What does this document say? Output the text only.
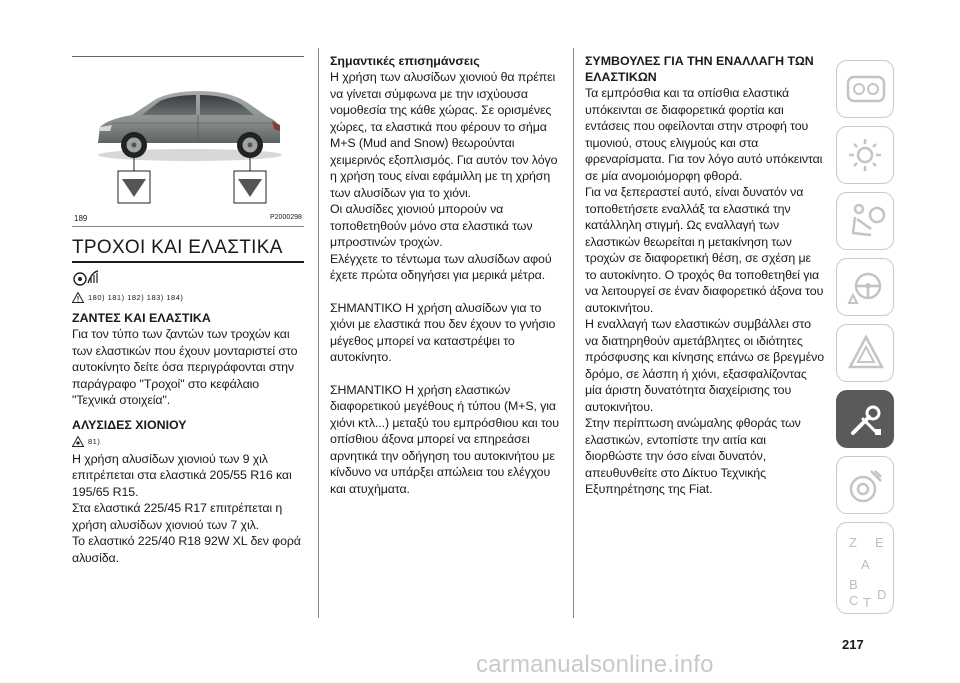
189	P2000298
ΤΡΟΧΟΙ ΚΑΙ ΕΛΑΣΤΙΚΑ
180) 181) 182) 183) 184)
ΖΑΝΤΕΣ ΚΑΙ ΕΛΑΣΤΙΚΑ

Για τον τύπο των ζαντών των τροχών και των ελαστικών που έχουν μονταριστεί στο αυτοκίνητο δείτε όσα περιγράφονται στην παράγραφο "Τροχοί" στο κεφάλαιο "Τεχνικά στοιχεία".

ΑΛΥΣΙΔΕΣ ΧΙΟΝΙΟΥ
81)

Η χρήση αλυσίδων χιονιού των 9 χιλ επιτρέπεται στα ελαστικά 205/55 R16 και 195/65 R15.

Στα ελαστικά 225/45 R17 επιτρέπεται η χρήση αλυσίδων χιονιού των 7 χιλ.

Το ελαστικό 225/40 R18 92W XL δεν φορά αλυσίδα.

Σημαντικές επισημάνσεις

Η χρήση των αλυσίδων χιονιού θα πρέπει να γίνεται σύμφωνα με την ισχύουσα νομοθεσία της κάθε χώρας. Σε ορισμένες χώρες, τα ελαστικά που φέρουν το σήμα M+S (Mud and Snow) θεωρούνται χειμερινός εξοπλισμός. Για αυτόν τον λόγο η χρήση τους είναι εφάμιλλη με τη χρήση των αλυσίδων για το χιόνι.

Οι αλυσίδες χιονιού μπορούν να τοποθετηθούν μόνο στα ελαστικά των μπροστινών τροχών.

Ελέγχετε το τέντωμα των αλυσίδων αφού έχετε πρώτα οδηγήσει για μερικά μέτρα.

ΣΗΜΑΝΤΙΚΟ Η χρήση αλυσίδων για το χιόνι με ελαστικά που δεν έχουν το γνήσιο μέγεθος μπορεί να καταστρέψει το αυτοκίνητο.

ΣΗΜΑΝΤΙΚΟ Η χρήση ελαστικών διαφορετικού μεγέθους ή τύπου (M+S, για χιόνι κτλ...) μεταξύ του εμπρόσθιου και του οπίσθιου άξονα μπορεί να επηρεάσει αρνητικά την οδήγηση του αυτοκινήτου με κίνδυνο να υπάρξει απώλεια του ελέγχου και ατυχήματα.

ΣΥΜΒΟΥΛΕΣ ΓΙΑ ΤΗΝ ΕΝΑΛΛΑΓΗ ΤΩΝ ΕΛΑΣΤΙΚΩΝ

Τα εμπρόσθια και τα οπίσθια ελαστικά υπόκεινται σε διαφορετικά φορτία και εντάσεις που οφείλονται στην στροφή του τιμονιού, στους ελιγμούς και στα φρεναρίσματα. Για τον λόγο αυτό υπόκεινται σε μία ανομοιόμορφη φθορά.

Για να ξεπεραστεί αυτό, είναι δυνατόν να τοποθετήσετε εναλλάξ τα ελαστικά την κατάλληλη στιγμή. Ως εναλλαγή των ελαστικών θεωρείται η μετακίνηση των τροχών σε διαφορετική θέση, σε σχέση με το αυτοκίνητο. Ο τροχός θα τοποθετηθεί για να λειτουργεί σε έναν διαφορετικό άξονα του αυτοκινήτου.

Η εναλλαγή των ελαστικών συμβάλλει στο να διατηρηθούν αμετάβλητες οι ιδιότητες πρόσφυσης και κίνησης επάνω σε βρεγμένο δρόμο, σε λάσπη ή χιόνι, εξασφαλίζοντας μία άριστη δυνατότητα διαχείρισης του αυτοκινήτου.

Στην περίπτωση ανώμαλης φθοράς των ελαστικών, εντοπίστε την αιτία και διορθώστε την όσο είναι δυνατόν, απευθυνθείτε στο Δίκτυο Τεχνικής Εξυπηρέτησης της Fiat.

Z E
A
B
C D
T
217
carmanualsonline.info
